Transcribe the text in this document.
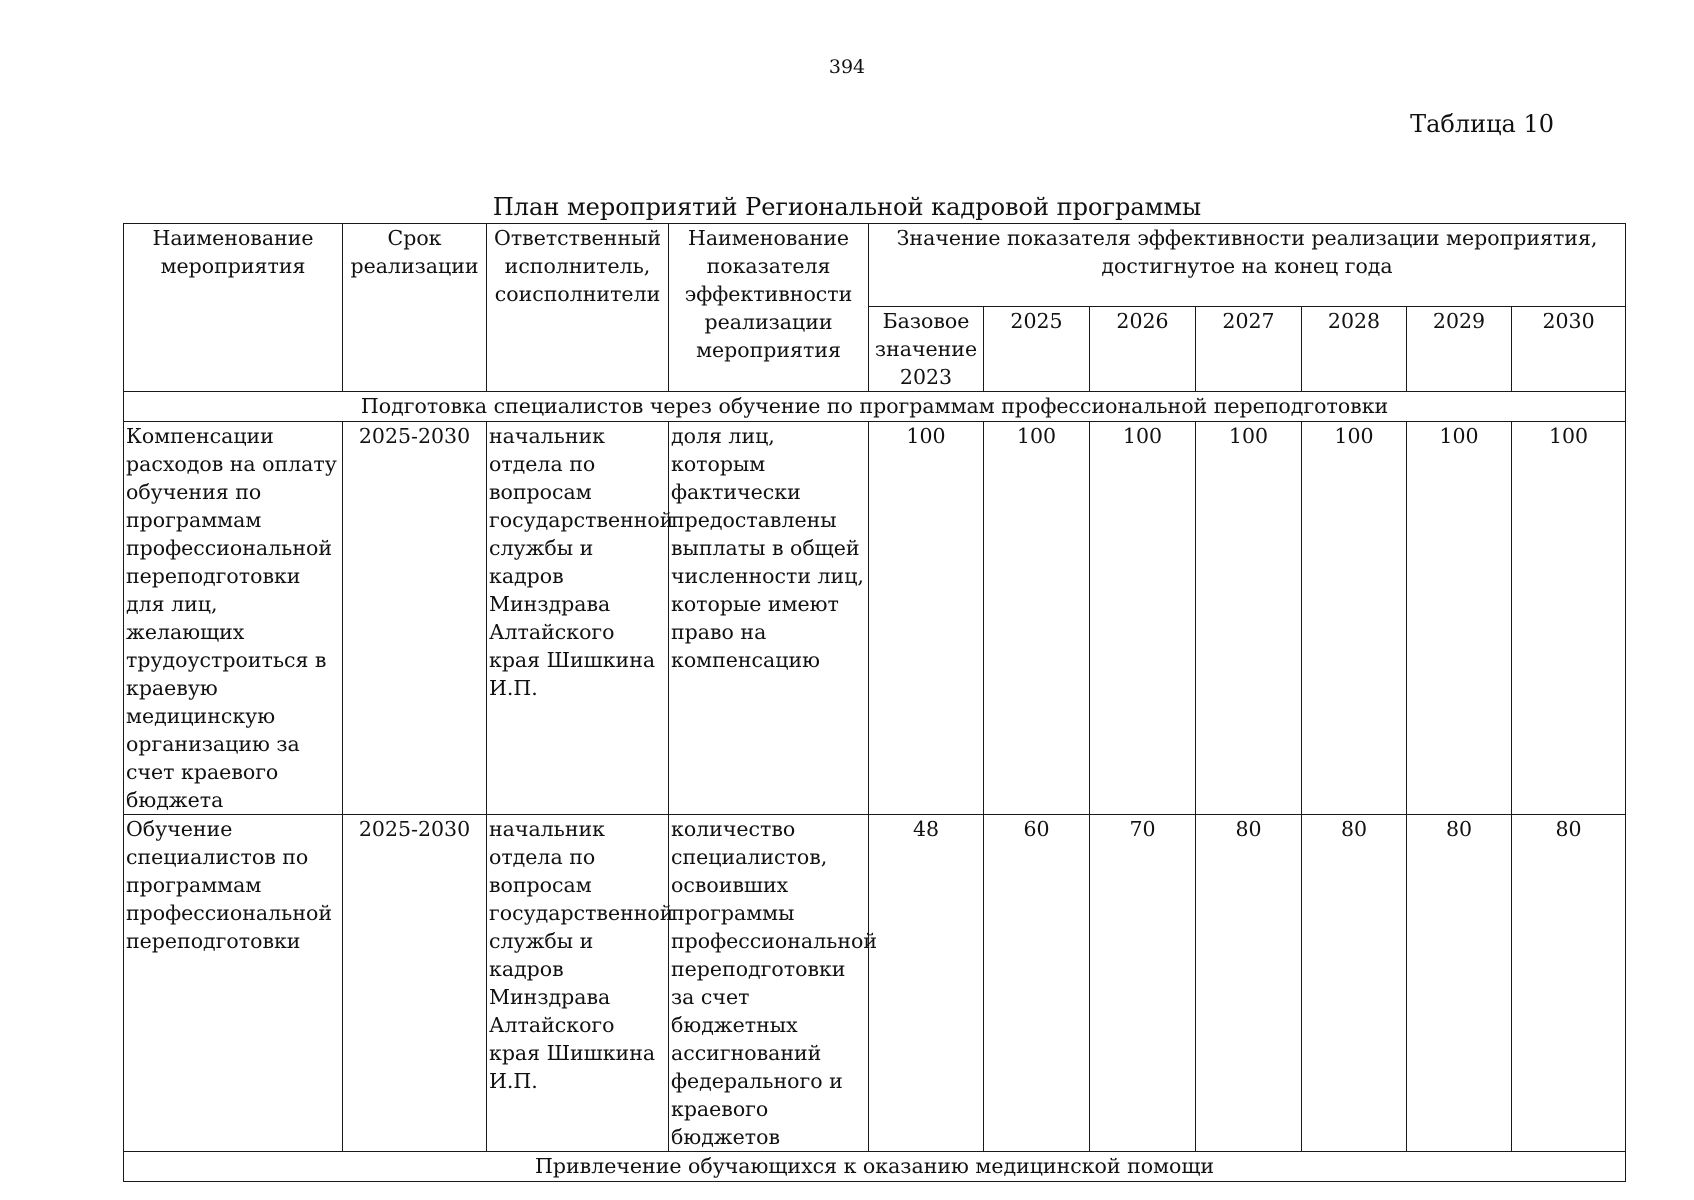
394
Таблица 10
План мероприятий Региональной кадровой программы
Наименование мероприятия	Срок реализации	Ответственный исполнитель, соисполнители	Наименование показателя эффективности реализации мероприятия	Значение показателя эффективности реализации мероприятия, достигнутое на конец года						
				Базовое значение 2023	2025	2026	2027	2028	2029	2030
Подготовка специалистов через обучение по программам профессиональной переподготовки										
Компенсации расходов на оплату обучения по программам профессиональной переподготовки для лиц, желающих трудоустроиться в краевую медицинскую организацию за счет краевого бюджета	2025-2030	начальник отдела по вопросам государственной службы и кадров Минздрава Алтайского края Шишкина И.П.	доля лиц, которым фактически предоставлены выплаты в общей численности лиц, которые имеют право на компенсацию	100	100	100	100	100	100	100
Обучение специалистов по программам профессиональной переподготовки	2025-2030	начальник отдела по вопросам государственной службы и кадров Минздрава Алтайского края Шишкина И.П.	количество специалистов, освоивших программы профессиональной переподготовки за счет бюджетных ассигнований федерального и краевого бюджетов	48	60	70	80	80	80	80
Привлечение обучающихся к оказанию медицинской помощи										
